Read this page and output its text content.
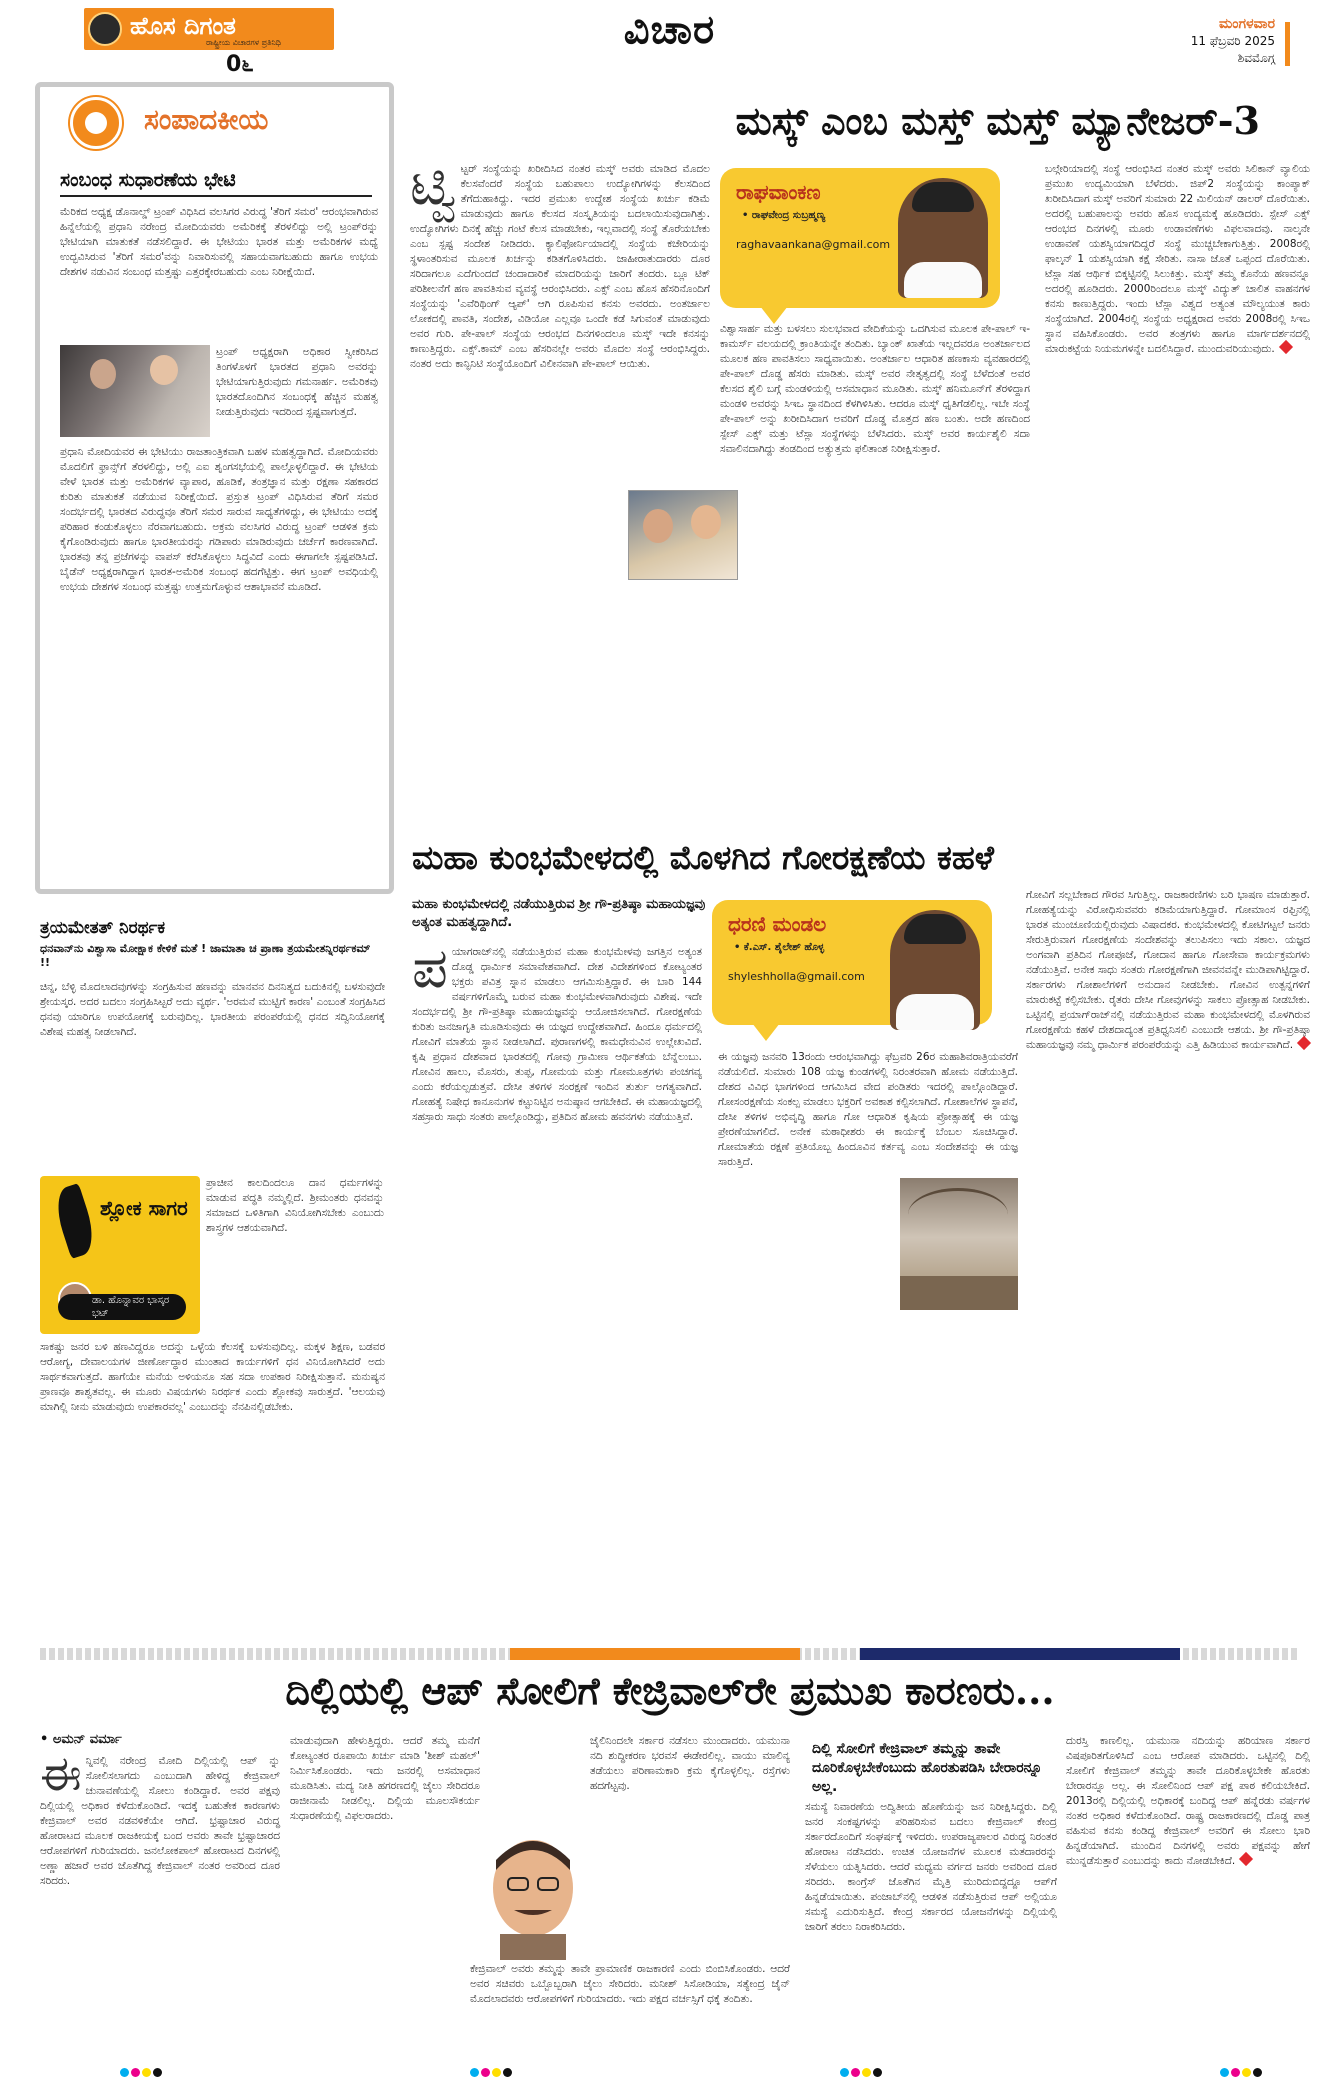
ಹೊಸ ದಿಗಂತ
ರಾಷ್ಟ್ರೀಯ ವಿಚಾರಗಳ ಪ್ರತಿನಿಧಿ
0೬
ವಿಚಾರ	ಮಂಗಳವಾರ
11 ಫೆಬ್ರವರಿ 2025
ಶಿವಮೊಗ್ಗ
ಸಂಪಾದಕೀಯ
ಸಂಬಂಧ ಸುಧಾರಣೆಯ ಭೇಟಿ
ಮೆರಿಕದ ಅಧ್ಯಕ್ಷ ಡೊನಾಲ್ಡ್ ಟ್ರಂಪ್ ವಿಧಿಸಿದ ವಲಸಿಗರ ವಿರುದ್ಧ 'ತೆರಿಗೆ ಸಮರ' ಆರಂಭವಾಗಿರುವ ಹಿನ್ನೆಲೆಯಲ್ಲಿ ಪ್ರಧಾನಿ ನರೇಂದ್ರ ಮೋದಿಯವರು ಅಮೆರಿಕಕ್ಕೆ ತೆರಳಲಿದ್ದು ಅಲ್ಲಿ ಟ್ರಂಪ್‌ರನ್ನು ಭೇಟಿಯಾಗಿ ಮಾತುಕತೆ ನಡೆಸಲಿದ್ದಾರೆ. ಈ ಭೇಟಿಯು ಭಾರತ ಮತ್ತು ಅಮೆರಿಕಗಳ ಮಧ್ಯೆ ಉದ್ಭವಿಸಿರುವ 'ತೆರಿಗೆ ಸಮರ'ವನ್ನು ನಿವಾರಿಸುವಲ್ಲಿ ಸಹಾಯವಾಗಬಹುದು ಹಾಗೂ ಉಭಯ ದೇಶಗಳ ನಡುವಿನ ಸಂಬಂಧ ಮತ್ತಷ್ಟು ಎತ್ತರಕ್ಕೇರಬಹುದು ಎಂಬ ನಿರೀಕ್ಷೆಯಿದೆ.
ಟ್ರಂಪ್ ಅಧ್ಯಕ್ಷರಾಗಿ ಅಧಿಕಾರ ಸ್ವೀಕರಿಸಿದ ತಿಂಗಳೊಳಗೆ ಭಾರತದ ಪ್ರಧಾನಿ ಅವರನ್ನು ಭೇಟಿಯಾಗುತ್ತಿರುವುದು ಗಮನಾರ್ಹ. ಅಮೆರಿಕವು ಭಾರತದೊಂದಿಗಿನ ಸಂಬಂಧಕ್ಕೆ ಹೆಚ್ಚಿನ ಮಹತ್ವ ನೀಡುತ್ತಿರುವುದು ಇದರಿಂದ ಸ್ಪಷ್ಟವಾಗುತ್ತದೆ.
ಪ್ರಧಾನಿ ಮೋದಿಯವರ ಈ ಭೇಟಿಯು ರಾಜತಾಂತ್ರಿಕವಾಗಿ ಬಹಳ ಮಹತ್ವದ್ದಾಗಿದೆ. ಮೋದಿಯವರು ಮೊದಲಿಗೆ ಫ್ರಾನ್ಸ್‌ಗೆ ತೆರಳಲಿದ್ದು, ಅಲ್ಲಿ ಎಐ ಶೃಂಗಸಭೆಯಲ್ಲಿ ಪಾಲ್ಗೊಳ್ಳಲಿದ್ದಾರೆ. ಈ ಭೇಟಿಯ ವೇಳೆ ಭಾರತ ಮತ್ತು ಅಮೆರಿಕಗಳ ವ್ಯಾಪಾರ, ಹೂಡಿಕೆ, ತಂತ್ರಜ್ಞಾನ ಮತ್ತು ರಕ್ಷಣಾ ಸಹಕಾರದ ಕುರಿತು ಮಾತುಕತೆ ನಡೆಯುವ ನಿರೀಕ್ಷೆಯಿದೆ. ಪ್ರಸ್ತುತ ಟ್ರಂಪ್ ವಿಧಿಸಿರುವ ತೆರಿಗೆ ಸಮರ ಸಂದರ್ಭದಲ್ಲಿ ಭಾರತದ ವಿರುದ್ಧವೂ ತೆರಿಗೆ ಸಮರ ಸಾರುವ ಸಾಧ್ಯತೆಗಳಿದ್ದು, ಈ ಭೇಟಿಯು ಅದಕ್ಕೆ ಪರಿಹಾರ ಕಂಡುಕೊಳ್ಳಲು ನೆರವಾಗಬಹುದು. ಅಕ್ರಮ ವಲಸಿಗರ ವಿರುದ್ಧ ಟ್ರಂಪ್ ಆಡಳಿತ ಕ್ರಮ ಕೈಗೊಂಡಿರುವುದು ಹಾಗೂ ಭಾರತೀಯರನ್ನು ಗಡಿಪಾರು ಮಾಡಿರುವುದು ಚರ್ಚೆಗೆ ಕಾರಣವಾಗಿದೆ. ಭಾರತವು ತನ್ನ ಪ್ರಜೆಗಳನ್ನು ವಾಪಸ್ ಕರೆಸಿಕೊಳ್ಳಲು ಸಿದ್ಧವಿದೆ ಎಂದು ಈಗಾಗಲೇ ಸ್ಪಷ್ಟಪಡಿಸಿದೆ. ಬೈಡೆನ್ ಅಧ್ಯಕ್ಷರಾಗಿದ್ದಾಗ ಭಾರತ-ಅಮೆರಿಕ ಸಂಬಂಧ ಹದಗೆಟ್ಟಿತ್ತು. ಈಗ ಟ್ರಂಪ್ ಅವಧಿಯಲ್ಲಿ ಉಭಯ ದೇಶಗಳ ಸಂಬಂಧ ಮತ್ತಷ್ಟು ಉತ್ತಮಗೊಳ್ಳುವ ಆಶಾಭಾವನೆ ಮೂಡಿದೆ.
ತ್ರಯಮೇತತ್ ನಿರರ್ಥಕ
ಧನವಾನ್‌ನು ವಿಶ್ವಾಸಾ ಮೋಕ್ಷಾಕ ಕೇಳಿಕೆ ಮತೆ ! ಜಾಮಾತಾ ಚ ಪ್ರಾಣಾ ತ್ರಯಮೇತನ್ನಿರರ್ಥಕಮ್ !!
ಚಿನ್ನ, ಬೆಳ್ಳಿ ಮೊದಲಾದವುಗಳನ್ನು ಸಂಗ್ರಹಿಸುವ ಹಣವನ್ನು ಮಾನವನ ದಿನನಿತ್ಯದ ಬದುಕಿನಲ್ಲಿ ಬಳಸುವುದೇ ಶ್ರೇಯಸ್ಕರ. ಅದರ ಬದಲು ಸಂಗ್ರಹಿಸಿಟ್ಟರೆ ಅದು ವ್ಯರ್ಥ. 'ಅರಮನೆ ಮುಟ್ಟಿಗೆ ಕಾರಣ' ಎಂಬಂತೆ ಸಂಗ್ರಹಿಸಿದ ಧನವು ಯಾರಿಗೂ ಉಪಯೋಗಕ್ಕೆ ಬರುವುದಿಲ್ಲ. ಭಾರತೀಯ ಪರಂಪರೆಯಲ್ಲಿ ಧನದ ಸದ್ವಿನಿಯೋಗಕ್ಕೆ ವಿಶೇಷ ಮಹತ್ವ ನೀಡಲಾಗಿದೆ.
ಶ್ಲೋಕ ಸಾಗರ
ಡಾ. ಹೊನ್ನಾವರ ಭಾಸ್ಕರ ಭಟ್
ಪ್ರಾಚೀನ ಕಾಲದಿಂದಲೂ ದಾನ ಧರ್ಮಗಳನ್ನು ಮಾಡುವ ಪದ್ಧತಿ ನಮ್ಮಲ್ಲಿದೆ. ಶ್ರೀಮಂತರು ಧನವನ್ನು ಸಮಾಜದ ಒಳಿತಿಗಾಗಿ ವಿನಿಯೋಗಿಸಬೇಕು ಎಂಬುದು ಶಾಸ್ತ್ರಗಳ ಆಶಯವಾಗಿದೆ.
ಸಾಕಷ್ಟು ಜನರ ಬಳಿ ಹಣವಿದ್ದರೂ ಅದನ್ನು ಒಳ್ಳೆಯ ಕೆಲಸಕ್ಕೆ ಬಳಸುವುದಿಲ್ಲ. ಮಕ್ಕಳ ಶಿಕ್ಷಣ, ಬಡವರ ಆರೋಗ್ಯ, ದೇವಾಲಯಗಳ ಜೀರ್ಣೋದ್ಧಾರ ಮುಂತಾದ ಕಾರ್ಯಗಳಿಗೆ ಧನ ವಿನಿಯೋಗಿಸಿದರೆ ಅದು ಸಾರ್ಥಕವಾಗುತ್ತದೆ. ಹಾಗೆಯೇ ಮನೆಯ ಅಳಿಯನೂ ಸಹ ಸದಾ ಉಪಕಾರ ನಿರೀಕ್ಷಿಸುತ್ತಾನೆ. ಮನುಷ್ಯನ ಪ್ರಾಣವೂ ಶಾಶ್ವತವಲ್ಲ. ಈ ಮೂರು ವಿಷಯಗಳು ನಿರರ್ಥಕ ಎಂದು ಶ್ಲೋಕವು ಸಾರುತ್ತದೆ. 'ಆಲಯವು ಮಾಗಿಲ್ಲಿ ನೀನು ಮಾಡುವುದು ಉಪಕಾರವಲ್ಲ' ಎಂಬುದನ್ನು ನೆನಪಿನಲ್ಲಿಡಬೇಕು.
ಮಸ್ಕ್ ಎಂಬ ಮಸ್ತ್ ಮಸ್ತ್ ಮ್ಯಾನೇಜರ್-3
ಟ್ವಿ ಟ್ಟರ್ ಸಂಸ್ಥೆಯನ್ನು ಖರೀದಿಸಿದ ನಂತರ ಮಸ್ಕ್ ಅವರು ಮಾಡಿದ ಮೊದಲ ಕೆಲಸವೆಂದರೆ ಸಂಸ್ಥೆಯ ಬಹುಪಾಲು ಉದ್ಯೋಗಿಗಳನ್ನು ಕೆಲಸದಿಂದ ತೆಗೆದುಹಾಕಿದ್ದು. ಇದರ ಪ್ರಮುಖ ಉದ್ದೇಶ ಸಂಸ್ಥೆಯ ಖರ್ಚು ಕಡಿಮೆ ಮಾಡುವುದು ಹಾಗೂ ಕೆಲಸದ ಸಂಸ್ಕೃತಿಯನ್ನು ಬದಲಾಯಿಸುವುದಾಗಿತ್ತು. ಉದ್ಯೋಗಿಗಳು ದಿನಕ್ಕೆ ಹೆಚ್ಚು ಗಂಟೆ ಕೆಲಸ ಮಾಡಬೇಕು, ಇಲ್ಲವಾದಲ್ಲಿ ಸಂಸ್ಥೆ ತೊರೆಯಬೇಕು ಎಂಬ ಸ್ಪಷ್ಟ ಸಂದೇಶ ನೀಡಿದರು. ಕ್ಯಾಲಿಫೋರ್ನಿಯಾದಲ್ಲಿ ಸಂಸ್ಥೆಯ ಕಚೇರಿಯನ್ನು ಸ್ಥಳಾಂತರಿಸುವ ಮೂಲಕ ಖರ್ಚನ್ನು ಕಡಿತಗೊಳಿಸಿದರು. ಜಾಹೀರಾತುದಾರರು ದೂರ ಸರಿದಾಗಲೂ ಎದೆಗುಂದದೆ ಚಂದಾದಾರಿಕೆ ಮಾದರಿಯನ್ನು ಜಾರಿಗೆ ತಂದರು. ಬ್ಲೂ ಟಿಕ್ ಪರಿಶೀಲನೆಗೆ ಹಣ ಪಾವತಿಸುವ ವ್ಯವಸ್ಥೆ ಆರಂಭಿಸಿದರು. ಎಕ್ಸ್ ಎಂಬ ಹೊಸ ಹೆಸರಿನೊಂದಿಗೆ ಸಂಸ್ಥೆಯನ್ನು 'ಎವೆರಿಥಿಂಗ್ ಆ್ಯಪ್' ಆಗಿ ರೂಪಿಸುವ ಕನಸು ಅವರದು. ಅಂತರ್ಜಾಲ ಲೋಕದಲ್ಲಿ ಪಾವತಿ, ಸಂದೇಶ, ವಿಡಿಯೋ ಎಲ್ಲವೂ ಒಂದೇ ಕಡೆ ಸಿಗುವಂತೆ ಮಾಡುವುದು ಅವರ ಗುರಿ. ಪೇ-ಪಾಲ್ ಸಂಸ್ಥೆಯ ಆರಂಭದ ದಿನಗಳಿಂದಲೂ ಮಸ್ಕ್ ಇದೇ ಕನಸನ್ನು ಕಾಣುತ್ತಿದ್ದರು. ಎಕ್ಸ್.ಕಾಮ್ ಎಂಬ ಹೆಸರಿನಲ್ಲೇ ಅವರು ಮೊದಲ ಸಂಸ್ಥೆ ಆರಂಭಿಸಿದ್ದರು. ನಂತರ ಅದು ಕಾನ್ಫಿನಿಟಿ ಸಂಸ್ಥೆಯೊಂದಿಗೆ ವಿಲೀನವಾಗಿ ಪೇ-ಪಾಲ್ ಆಯಿತು.
ರಾಘವಾಂಕಣ
• ರಾಘವೇಂದ್ರ ಸುಬ್ರಹ್ಮಣ್ಯ
raghavaankana@gmail.com
ವಿಶ್ವಾಸಾರ್ಹ ಮತ್ತು ಬಳಸಲು ಸುಲಭವಾದ ವೇದಿಕೆಯನ್ನು ಒದಗಿಸುವ ಮೂಲಕ ಪೇ-ಪಾಲ್ ಇ-ಕಾಮರ್ಸ್ ವಲಯದಲ್ಲಿ ಕ್ರಾಂತಿಯನ್ನೇ ತಂದಿತು. ಬ್ಯಾಂಕ್ ಖಾತೆಯ ಇಲ್ಲದವರೂ ಅಂತರ್ಜಾಲದ ಮೂಲಕ ಹಣ ಪಾವತಿಸಲು ಸಾಧ್ಯವಾಯಿತು. ಅಂತರ್ಜಾಲ ಆಧಾರಿತ ಹಣಕಾಸು ವ್ಯವಹಾರದಲ್ಲಿ ಪೇ-ಪಾಲ್ ದೊಡ್ಡ ಹೆಸರು ಮಾಡಿತು. ಮಸ್ಕ್ ಅವರ ನೇತೃತ್ವದಲ್ಲಿ ಸಂಸ್ಥೆ ಬೆಳೆದಂತೆ ಅವರ ಕೆಲಸದ ಶೈಲಿ ಬಗ್ಗೆ ಮಂಡಳಿಯಲ್ಲಿ ಅಸಮಾಧಾನ ಮೂಡಿತು. ಮಸ್ಕ್ ಹನಿಮೂನ್‌ಗೆ ತೆರಳಿದ್ದಾಗ ಮಂಡಳಿ ಅವರನ್ನು ಸಿಇಒ ಸ್ಥಾನದಿಂದ ಕೆಳಗಿಳಿಸಿತು. ಆದರೂ ಮಸ್ಕ್ ಧೃತಿಗೆಡಲಿಲ್ಲ. ಇಬೇ ಸಂಸ್ಥೆ ಪೇ-ಪಾಲ್ ಅನ್ನು ಖರೀದಿಸಿದಾಗ ಅವರಿಗೆ ದೊಡ್ಡ ಮೊತ್ತದ ಹಣ ಬಂತು. ಅದೇ ಹಣದಿಂದ ಸ್ಪೇಸ್ ಎಕ್ಸ್ ಮತ್ತು ಟೆಸ್ಲಾ ಸಂಸ್ಥೆಗಳನ್ನು ಬೆಳೆಸಿದರು. ಮಸ್ಕ್ ಅವರ ಕಾರ್ಯಶೈಲಿ ಸದಾ ಸವಾಲಿನದಾಗಿದ್ದು ತಂಡದಿಂದ ಅತ್ಯುತ್ತಮ ಫಲಿತಾಂಶ ನಿರೀಕ್ಷಿಸುತ್ತಾರೆ.
ಬಲ್ಗೇರಿಯಾದಲ್ಲಿ ಸಂಸ್ಥೆ ಆರಂಭಿಸಿದ ನಂತರ ಮಸ್ಕ್ ಅವರು ಸಿಲಿಕಾನ್ ವ್ಯಾಲಿಯ ಪ್ರಮುಖ ಉದ್ಯಮಿಯಾಗಿ ಬೆಳೆದರು. ಜಿಪ್2 ಸಂಸ್ಥೆಯನ್ನು ಕಾಂಪ್ಯಾಕ್ ಖರೀದಿಸಿದಾಗ ಮಸ್ಕ್ ಅವರಿಗೆ ಸುಮಾರು 22 ಮಿಲಿಯನ್ ಡಾಲರ್ ದೊರೆಯಿತು. ಅದರಲ್ಲಿ ಬಹುಪಾಲನ್ನು ಅವರು ಹೊಸ ಉದ್ಯಮಕ್ಕೆ ಹೂಡಿದರು. ಸ್ಪೇಸ್ ಎಕ್ಸ್ ಆರಂಭದ ದಿನಗಳಲ್ಲಿ ಮೂರು ಉಡಾವಣೆಗಳು ವಿಫಲವಾದವು. ನಾಲ್ಕನೇ ಉಡಾವಣೆ ಯಶಸ್ವಿಯಾಗದಿದ್ದರೆ ಸಂಸ್ಥೆ ಮುಚ್ಚಬೇಕಾಗುತ್ತಿತ್ತು. 2008ರಲ್ಲಿ ಫಾಲ್ಕನ್ 1 ಯಶಸ್ವಿಯಾಗಿ ಕಕ್ಷೆ ಸೇರಿತು. ನಾಸಾ ಜೊತೆ ಒಪ್ಪಂದ ದೊರೆಯಿತು. ಟೆಸ್ಲಾ ಸಹ ಆರ್ಥಿಕ ಬಿಕ್ಕಟ್ಟಿನಲ್ಲಿ ಸಿಲುಕಿತ್ತು. ಮಸ್ಕ್ ತಮ್ಮ ಕೊನೆಯ ಹಣವನ್ನೂ ಅದರಲ್ಲಿ ಹೂಡಿದರು. 2000ರಿಂದಲೂ ಮಸ್ಕ್ ವಿದ್ಯುತ್ ಚಾಲಿತ ವಾಹನಗಳ ಕನಸು ಕಾಣುತ್ತಿದ್ದರು. ಇಂದು ಟೆಸ್ಲಾ ವಿಶ್ವದ ಅತ್ಯಂತ ಮೌಲ್ಯಯುತ ಕಾರು ಸಂಸ್ಥೆಯಾಗಿದೆ. 2004ರಲ್ಲಿ ಸಂಸ್ಥೆಯ ಅಧ್ಯಕ್ಷರಾದ ಅವರು 2008ರಲ್ಲಿ ಸಿಇಒ ಸ್ಥಾನ ವಹಿಸಿಕೊಂಡರು. ಅವರ ತಂತ್ರಗಳು ಹಾಗೂ ಮಾರ್ಗದರ್ಶನದಲ್ಲಿ ಮಾರುಕಟ್ಟೆಯ ನಿಯಮಗಳನ್ನೇ ಬದಲಿಸಿದ್ದಾರೆ. ಮುಂದುವರಿಯುವುದು.
ಮಹಾ ಕುಂಭಮೇಳದಲ್ಲಿ ಮೊಳಗಿದ ಗೋರಕ್ಷಣೆಯ ಕಹಳೆ
ಮಹಾ ಕುಂಭಮೇಳದಲ್ಲಿ ನಡೆಯುತ್ತಿರುವ ಶ್ರೀ ಗೌ-ಪ್ರತಿಷ್ಠಾ ಮಹಾಯಜ್ಞವು ಅತ್ಯಂತ ಮಹತ್ವದ್ದಾಗಿದೆ.
ಪ ಯಾಗರಾಜ್‌ನಲ್ಲಿ ನಡೆಯುತ್ತಿರುವ ಮಹಾ ಕುಂಭಮೇಳವು ಜಗತ್ತಿನ ಅತ್ಯಂತ ದೊಡ್ಡ ಧಾರ್ಮಿಕ ಸಮಾವೇಶವಾಗಿದೆ. ದೇಶ ವಿದೇಶಗಳಿಂದ ಕೋಟ್ಯಂತರ ಭಕ್ತರು ಪವಿತ್ರ ಸ್ನಾನ ಮಾಡಲು ಆಗಮಿಸುತ್ತಿದ್ದಾರೆ. ಈ ಬಾರಿ 144 ವರ್ಷಗಳಿಗೊಮ್ಮೆ ಬರುವ ಮಹಾ ಕುಂಭಮೇಳವಾಗಿರುವುದು ವಿಶೇಷ. ಇದೇ ಸಂದರ್ಭದಲ್ಲಿ ಶ್ರೀ ಗೌ-ಪ್ರತಿಷ್ಠಾ ಮಹಾಯಜ್ಞವನ್ನು ಆಯೋಜಿಸಲಾಗಿದೆ. ಗೋರಕ್ಷಣೆಯ ಕುರಿತು ಜನಜಾಗೃತಿ ಮೂಡಿಸುವುದು ಈ ಯಜ್ಞದ ಉದ್ದೇಶವಾಗಿದೆ. ಹಿಂದೂ ಧರ್ಮದಲ್ಲಿ ಗೋವಿಗೆ ಮಾತೆಯ ಸ್ಥಾನ ನೀಡಲಾಗಿದೆ. ಪುರಾಣಗಳಲ್ಲಿ ಕಾಮಧೇನುವಿನ ಉಲ್ಲೇಖವಿದೆ. ಕೃಷಿ ಪ್ರಧಾನ ದೇಶವಾದ ಭಾರತದಲ್ಲಿ ಗೋವು ಗ್ರಾಮೀಣ ಆರ್ಥಿಕತೆಯ ಬೆನ್ನೆಲುಬು. ಗೋವಿನ ಹಾಲು, ಮೊಸರು, ತುಪ್ಪ, ಗೋಮಯ ಮತ್ತು ಗೋಮೂತ್ರಗಳು ಪಂಚಗವ್ಯ ಎಂದು ಕರೆಯಲ್ಪಡುತ್ತವೆ. ದೇಸೀ ತಳಿಗಳ ಸಂರಕ್ಷಣೆ ಇಂದಿನ ತುರ್ತು ಅಗತ್ಯವಾಗಿದೆ. ಗೋಹತ್ಯೆ ನಿಷೇಧ ಕಾನೂನುಗಳ ಕಟ್ಟುನಿಟ್ಟಿನ ಅನುಷ್ಠಾನ ಆಗಬೇಕಿದೆ. ಈ ಮಹಾಯಜ್ಞದಲ್ಲಿ ಸಹಸ್ರಾರು ಸಾಧು ಸಂತರು ಪಾಲ್ಗೊಂಡಿದ್ದು, ಪ್ರತಿದಿನ ಹೋಮ ಹವನಗಳು ನಡೆಯುತ್ತಿವೆ.
ಧರಣಿ ಮಂಡಲ
• ಕೆ.ಎಸ್. ಶೈಲೇಶ್ ಹೊಳ್ಳ
shyleshholla@gmail.com
ಈ ಯಜ್ಞವು ಜನವರಿ 13ರಂದು ಆರಂಭವಾಗಿದ್ದು ಫೆಬ್ರವರಿ 26ರ ಮಹಾಶಿವರಾತ್ರಿಯವರೆಗೆ ನಡೆಯಲಿದೆ. ಸುಮಾರು 108 ಯಜ್ಞ ಕುಂಡಗಳಲ್ಲಿ ನಿರಂತರವಾಗಿ ಹೋಮ ನಡೆಯುತ್ತಿದೆ. ದೇಶದ ವಿವಿಧ ಭಾಗಗಳಿಂದ ಆಗಮಿಸಿದ ವೇದ ಪಂಡಿತರು ಇದರಲ್ಲಿ ಪಾಲ್ಗೊಂಡಿದ್ದಾರೆ. ಗೋಸಂರಕ್ಷಣೆಯ ಸಂಕಲ್ಪ ಮಾಡಲು ಭಕ್ತರಿಗೆ ಅವಕಾಶ ಕಲ್ಪಿಸಲಾಗಿದೆ. ಗೋಶಾಲೆಗಳ ಸ್ಥಾಪನೆ, ದೇಸೀ ತಳಿಗಳ ಅಭಿವೃದ್ಧಿ ಹಾಗೂ ಗೋ ಆಧಾರಿತ ಕೃಷಿಯ ಪ್ರೋತ್ಸಾಹಕ್ಕೆ ಈ ಯಜ್ಞ ಪ್ರೇರಣೆಯಾಗಲಿದೆ. ಅನೇಕ ಮಠಾಧೀಶರು ಈ ಕಾರ್ಯಕ್ಕೆ ಬೆಂಬಲ ಸೂಚಿಸಿದ್ದಾರೆ. ಗೋಮಾತೆಯ ರಕ್ಷಣೆ ಪ್ರತಿಯೊಬ್ಬ ಹಿಂದೂವಿನ ಕರ್ತವ್ಯ ಎಂಬ ಸಂದೇಶವನ್ನು ಈ ಯಜ್ಞ ಸಾರುತ್ತಿದೆ.
ಗೋವಿಗೆ ಸಲ್ಲಬೇಕಾದ ಗೌರವ ಸಿಗುತ್ತಿಲ್ಲ. ರಾಜಕಾರಣಿಗಳು ಬರಿ ಭಾಷಣ ಮಾಡುತ್ತಾರೆ. ಗೋಹತ್ಯೆಯನ್ನು ವಿರೋಧಿಸುವವರು ಕಡಿಮೆಯಾಗುತ್ತಿದ್ದಾರೆ. ಗೋಮಾಂಸ ರಫ್ತಿನಲ್ಲಿ ಭಾರತ ಮುಂಚೂಣಿಯಲ್ಲಿರುವುದು ವಿಷಾದಕರ. ಕುಂಭಮೇಳದಲ್ಲಿ ಕೋಟಿಗಟ್ಟಲೆ ಜನರು ಸೇರುತ್ತಿರುವಾಗ ಗೋರಕ್ಷಣೆಯ ಸಂದೇಶವನ್ನು ತಲುಪಿಸಲು ಇದು ಸಕಾಲ. ಯಜ್ಞದ ಅಂಗವಾಗಿ ಪ್ರತಿದಿನ ಗೋಪೂಜೆ, ಗೋದಾನ ಹಾಗೂ ಗೋಸೇವಾ ಕಾರ್ಯಕ್ರಮಗಳು ನಡೆಯುತ್ತಿವೆ. ಅನೇಕ ಸಾಧು ಸಂತರು ಗೋರಕ್ಷಣೆಗಾಗಿ ಜೀವನವನ್ನೇ ಮುಡಿಪಾಗಿಟ್ಟಿದ್ದಾರೆ. ಸರ್ಕಾರಗಳು ಗೋಶಾಲೆಗಳಿಗೆ ಅನುದಾನ ನೀಡಬೇಕು. ಗೋವಿನ ಉತ್ಪನ್ನಗಳಿಗೆ ಮಾರುಕಟ್ಟೆ ಕಲ್ಪಿಸಬೇಕು. ರೈತರು ದೇಸೀ ಗೋವುಗಳನ್ನು ಸಾಕಲು ಪ್ರೋತ್ಸಾಹ ನೀಡಬೇಕು. ಒಟ್ಟಿನಲ್ಲಿ ಪ್ರಯಾಗ್‌ರಾಜ್‌ನಲ್ಲಿ ನಡೆಯುತ್ತಿರುವ ಮಹಾ ಕುಂಭಮೇಳದಲ್ಲಿ ಮೊಳಗಿರುವ ಗೋರಕ್ಷಣೆಯ ಕಹಳೆ ದೇಶದಾದ್ಯಂತ ಪ್ರತಿಧ್ವನಿಸಲಿ ಎಂಬುದೇ ಆಶಯ. ಶ್ರೀ ಗೌ-ಪ್ರತಿಷ್ಠಾ ಮಹಾಯಜ್ಞವು ನಮ್ಮ ಧಾರ್ಮಿಕ ಪರಂಪರೆಯನ್ನು ಎತ್ತಿ ಹಿಡಿಯುವ ಕಾರ್ಯವಾಗಿದೆ.
ದಿಲ್ಲಿಯಲ್ಲಿ ಆಪ್ ಸೋಲಿಗೆ ಕೇಜ್ರಿವಾಲ್‌ರೇ ಪ್ರಮುಖ ಕಾರಣರು...
• ಅಮನ್ ವರ್ಮಾ
ಈ ನ್ನಿವಲ್ಲಿ ನರೇಂದ್ರ ಮೋದಿ ದಿಲ್ಲಿಯಲ್ಲಿ ಆಪ್ ನ್ನು ಸೋಲಿಸಲಾಗದು ಎಂಬುದಾಗಿ ಹೇಳಿದ್ದ ಕೇಜ್ರಿವಾಲ್ ಚುನಾವಣೆಯಲ್ಲಿ ಸೋಲು ಕಂಡಿದ್ದಾರೆ. ಅವರ ಪಕ್ಷವು ದಿಲ್ಲಿಯಲ್ಲಿ ಅಧಿಕಾರ ಕಳೆದುಕೊಂಡಿದೆ. ಇದಕ್ಕೆ ಬಹುತೇಕ ಕಾರಣಗಳು ಕೇಜ್ರಿವಾಲ್ ಅವರ ನಡವಳಿಕೆಯೇ ಆಗಿದೆ. ಭ್ರಷ್ಟಾಚಾರ ವಿರುದ್ಧ ಹೋರಾಟದ ಮೂಲಕ ರಾಜಕೀಯಕ್ಕೆ ಬಂದ ಅವರು ತಾವೇ ಭ್ರಷ್ಟಾಚಾರದ ಆರೋಪಗಳಿಗೆ ಗುರಿಯಾದರು. ಜನಲೋಕಪಾಲ್ ಹೋರಾಟದ ದಿನಗಳಲ್ಲಿ ಅಣ್ಣಾ ಹಜಾರೆ ಅವರ ಜೊತೆಗಿದ್ದ ಕೇಜ್ರಿವಾಲ್ ನಂತರ ಅವರಿಂದ ದೂರ ಸರಿದರು.
ಮಾಡುವುದಾಗಿ ಹೇಳುತ್ತಿದ್ದರು. ಆದರೆ ತಮ್ಮ ಮನೆಗೆ ಕೋಟ್ಯಂತರ ರೂಪಾಯಿ ಖರ್ಚು ಮಾಡಿ 'ಶೀಶ್ ಮಹಲ್' ನಿರ್ಮಿಸಿಕೊಂಡರು. ಇದು ಜನರಲ್ಲಿ ಅಸಮಾಧಾನ ಮೂಡಿಸಿತು. ಮದ್ಯ ನೀತಿ ಹಗರಣದಲ್ಲಿ ಜೈಲು ಸೇರಿದರೂ ರಾಜೀನಾಮೆ ನೀಡಲಿಲ್ಲ. ದಿಲ್ಲಿಯ ಮೂಲಸೌಕರ್ಯ ಸುಧಾರಣೆಯಲ್ಲಿ ವಿಫಲರಾದರು.
ಜೈಲಿನಿಂದಲೇ ಸರ್ಕಾರ ನಡೆಸಲು ಮುಂದಾದರು. ಯಮುನಾ ನದಿ ಶುದ್ಧೀಕರಣ ಭರವಸೆ ಈಡೇರಲಿಲ್ಲ. ವಾಯು ಮಾಲಿನ್ಯ ತಡೆಯಲು ಪರಿಣಾಮಕಾರಿ ಕ್ರಮ ಕೈಗೊಳ್ಳಲಿಲ್ಲ. ರಸ್ತೆಗಳು ಹದಗೆಟ್ಟವು.
ಕೇಜ್ರಿವಾಲ್ ಅವರು ತಮ್ಮನ್ನು ತಾವೇ ಪ್ರಾಮಾಣಿಕ ರಾಜಕಾರಣಿ ಎಂದು ಬಿಂಬಿಸಿಕೊಂಡರು. ಆದರೆ ಅವರ ಸಚಿವರು ಒಬ್ಬೊಬ್ಬರಾಗಿ ಜೈಲು ಸೇರಿದರು. ಮನೀಶ್ ಸಿಸೋಡಿಯಾ, ಸತ್ಯೇಂದ್ರ ಜೈನ್ ಮೊದಲಾದವರು ಆರೋಪಗಳಿಗೆ ಗುರಿಯಾದರು. ಇದು ಪಕ್ಷದ ವರ್ಚಸ್ಸಿಗೆ ಧಕ್ಕೆ ತಂದಿತು.
ದಿಲ್ಲಿ ಸೋಲಿಗೆ ಕೇಜ್ರಿವಾಲ್ ತಮ್ಮನ್ನು ತಾವೇ ದೂರಿಕೊಳ್ಳಬೇಕೆಂಬುದು ಹೊರತುಪಡಿಸಿ ಬೇರಾರನ್ನೂ ಅಲ್ಲ.
ಸಮಸ್ಯೆ ನಿವಾರಣೆಯ ಅದ್ವಿತೀಯ ಹೊಣೆಯನ್ನು ಜನ ನಿರೀಕ್ಷಿಸಿದ್ದರು. ದಿಲ್ಲಿ ಜನರ ಸಂಕಷ್ಟಗಳನ್ನು ಪರಿಹರಿಸುವ ಬದಲು ಕೇಜ್ರಿವಾಲ್ ಕೇಂದ್ರ ಸರ್ಕಾರದೊಂದಿಗೆ ಸಂಘರ್ಷಕ್ಕೆ ಇಳಿದರು. ಉಪರಾಜ್ಯಪಾಲರ ವಿರುದ್ಧ ನಿರಂತರ ಹೋರಾಟ ನಡೆಸಿದರು. ಉಚಿತ ಯೋಜನೆಗಳ ಮೂಲಕ ಮತದಾರರನ್ನು ಸೆಳೆಯಲು ಯತ್ನಿಸಿದರು. ಆದರೆ ಮಧ್ಯಮ ವರ್ಗದ ಜನರು ಅವರಿಂದ ದೂರ ಸರಿದರು. ಕಾಂಗ್ರೆಸ್ ಜೊತೆಗಿನ ಮೈತ್ರಿ ಮುರಿದುಬಿದ್ದದ್ದೂ ಆಪ್‌ಗೆ ಹಿನ್ನಡೆಯಾಯಿತು. ಪಂಜಾಬ್‌ನಲ್ಲಿ ಆಡಳಿತ ನಡೆಸುತ್ತಿರುವ ಆಪ್ ಅಲ್ಲಿಯೂ ಸಮಸ್ಯೆ ಎದುರಿಸುತ್ತಿದೆ. ಕೇಂದ್ರ ಸರ್ಕಾರದ ಯೋಜನೆಗಳನ್ನು ದಿಲ್ಲಿಯಲ್ಲಿ ಜಾರಿಗೆ ತರಲು ನಿರಾಕರಿಸಿದರು.
ದುರಸ್ತಿ ಕಾಣಲಿಲ್ಲ. ಯಮುನಾ ನದಿಯನ್ನು ಹರಿಯಾಣ ಸರ್ಕಾರ ವಿಷಪೂರಿತಗೊಳಿಸಿದೆ ಎಂಬ ಆರೋಪ ಮಾಡಿದರು. ಒಟ್ಟಿನಲ್ಲಿ ದಿಲ್ಲಿ ಸೋಲಿಗೆ ಕೇಜ್ರಿವಾಲ್ ತಮ್ಮನ್ನು ತಾವೇ ದೂರಿಕೊಳ್ಳಬೇಕೇ ಹೊರತು ಬೇರಾರನ್ನೂ ಅಲ್ಲ. ಈ ಸೋಲಿನಿಂದ ಆಪ್ ಪಕ್ಷ ಪಾಠ ಕಲಿಯಬೇಕಿದೆ. 2013ರಲ್ಲಿ ದಿಲ್ಲಿಯಲ್ಲಿ ಅಧಿಕಾರಕ್ಕೆ ಬಂದಿದ್ದ ಆಪ್ ಹನ್ನೆರಡು ವರ್ಷಗಳ ನಂತರ ಅಧಿಕಾರ ಕಳೆದುಕೊಂಡಿದೆ. ರಾಷ್ಟ್ರ ರಾಜಕಾರಣದಲ್ಲಿ ದೊಡ್ಡ ಪಾತ್ರ ವಹಿಸುವ ಕನಸು ಕಂಡಿದ್ದ ಕೇಜ್ರಿವಾಲ್ ಅವರಿಗೆ ಈ ಸೋಲು ಭಾರಿ ಹಿನ್ನಡೆಯಾಗಿದೆ. ಮುಂದಿನ ದಿನಗಳಲ್ಲಿ ಅವರು ಪಕ್ಷವನ್ನು ಹೇಗೆ ಮುನ್ನಡೆಸುತ್ತಾರೆ ಎಂಬುದನ್ನು ಕಾದು ನೋಡಬೇಕಿದೆ.
